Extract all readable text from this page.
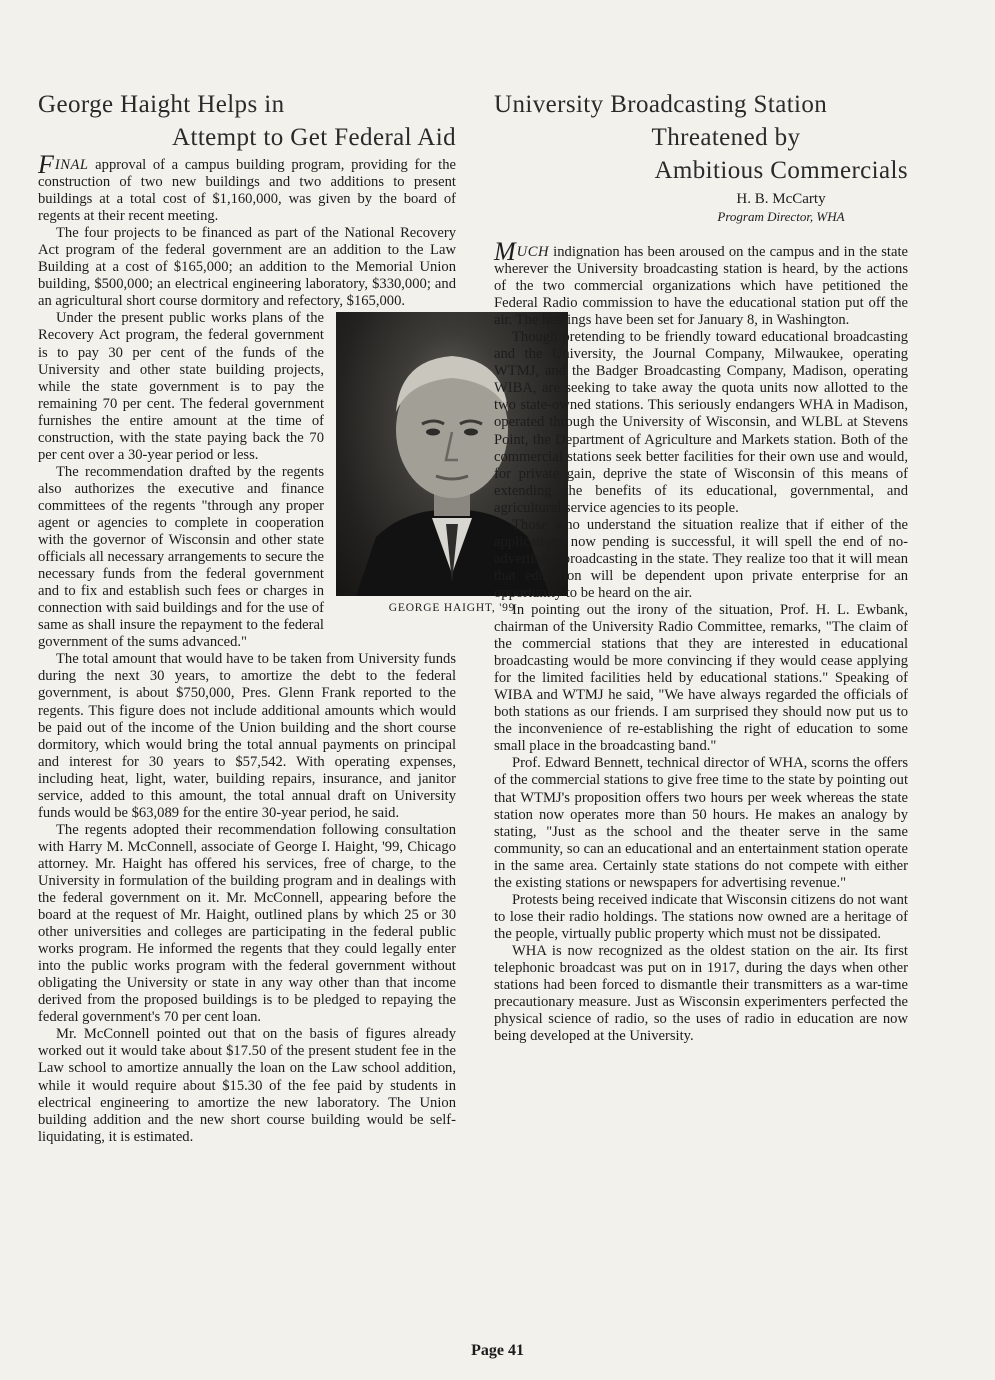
George Haight Helps in
Attempt to Get Federal Aid

FINAL approval of a campus building program, providing for the construction of two new buildings and two additions to present buildings at a total cost of $1,160,000, was given by the board of regents at their recent meeting.

The four projects to be financed as part of the National Recovery Act program of the federal government are an addition to the Law Building at a cost of $165,000; an addition to the Memorial Union building, $500,000; an electrical engineering laboratory, $330,000; and an agricultural short course dormitory and refectory, $165,000.

GEORGE HAIGHT, '99

Under the present public works plans of the Recovery Act program, the federal government is to pay 30 per cent of the funds of the University and other state building projects, while the state government is to pay the remaining 70 per cent. The federal government furnishes the entire amount at the time of construction, with the state paying back the 70 per cent over a 30-year period or less.

The recommendation drafted by the regents also authorizes the executive and finance committees of the regents "through any proper agent or agencies to complete in cooperation with the governor of Wisconsin and other state officials all necessary arrangements to secure the necessary funds from the federal government and to fix and establish such fees or charges in connection with said buildings and for the use of same as shall insure the repayment to the federal government of the sums advanced."

The total amount that would have to be taken from University funds during the next 30 years, to amortize the debt to the federal government, is about $750,000, Pres. Glenn Frank reported to the regents. This figure does not include additional amounts which would be paid out of the income of the Union building and the short course dormitory, which would bring the total annual payments on principal and interest for 30 years to $57,542. With operating expenses, including heat, light, water, building repairs, insurance, and janitor service, added to this amount, the total annual draft on University funds would be $63,089 for the entire 30-year period, he said.

The regents adopted their recommendation following consultation with Harry M. McConnell, associate of George I. Haight, '99, Chicago attorney. Mr. Haight has offered his services, free of charge, to the University in formulation of the building program and in dealings with the federal government on it. Mr. McConnell, appearing before the board at the request of Mr. Haight, outlined plans by which 25 or 30 other universities and colleges are participating in the federal public works program. He informed the regents that they could legally enter into the public works program with the federal government without obligating the University or state in any way other than that income derived from the proposed buildings is to be pledged to repaying the federal government's 70 per cent loan.

Mr. McConnell pointed out that on the basis of figures already worked out it would take about $17.50 of the present student fee in the Law school to amortize annually the loan on the Law school addition, while it would require about $15.30 of the fee paid by students in electrical engineering to amortize the new laboratory. The Union building addition and the new short course building would be self-liquidating, it is estimated.

University Broadcasting Station
Threatened by
Ambitious Commercials
H. B. McCarty
Program Director, WHA

MUCH indignation has been aroused on the campus and in the state wherever the University broadcasting station is heard, by the actions of the two commercial organizations which have petitioned the Federal Radio commission to have the educational station put off the air. The hearings have been set for January 8, in Washington.

Though pretending to be friendly toward educational broadcasting and the University, the Journal Company, Milwaukee, operating WTMJ, and the Badger Broadcasting Company, Madison, operating WIBA, are seeking to take away the quota units now allotted to the two state-owned stations. This seriously endangers WHA in Madison, operated through the University of Wisconsin, and WLBL at Stevens Point, the Department of Agriculture and Markets station. Both of the commercial stations seek better facilities for their own use and would, for private gain, deprive the state of Wisconsin of this means of extending the benefits of its educational, governmental, and agricultural service agencies to its people.

Those who understand the situation realize that if either of the applications now pending is successful, it will spell the end of no-advertising broadcasting in the state. They realize too that it will mean that education will be dependent upon private enterprise for an opportunity to be heard on the air.

In pointing out the irony of the situation, Prof. H. L. Ewbank, chairman of the University Radio Committee, remarks, "The claim of the commercial stations that they are interested in educational broadcasting would be more convincing if they would cease applying for the limited facilities held by educational stations." Speaking of WIBA and WTMJ he said, "We have always regarded the officials of both stations as our friends. I am surprised they should now put us to the inconvenience of re-establishing the right of education to some small place in the broadcasting band."

Prof. Edward Bennett, technical director of WHA, scorns the offers of the commercial stations to give free time to the state by pointing out that WTMJ's proposition offers two hours per week whereas the state station now operates more than 50 hours. He makes an analogy by stating, "Just as the school and the theater serve in the same community, so can an educational and an entertainment station operate in the same area. Certainly state stations do not compete with either the existing stations or newspapers for advertising revenue."

Protests being received indicate that Wisconsin citizens do not want to lose their radio holdings. The stations now owned are a heritage of the people, virtually public property which must not be dissipated.

WHA is now recognized as the oldest station on the air. Its first telephonic broadcast was put on in 1917, during the days when other stations had been forced to dismantle their transmitters as a war-time precautionary measure. Just as Wisconsin experimenters perfected the physical science of radio, so the uses of radio in education are now being developed at the University.

Page 41
